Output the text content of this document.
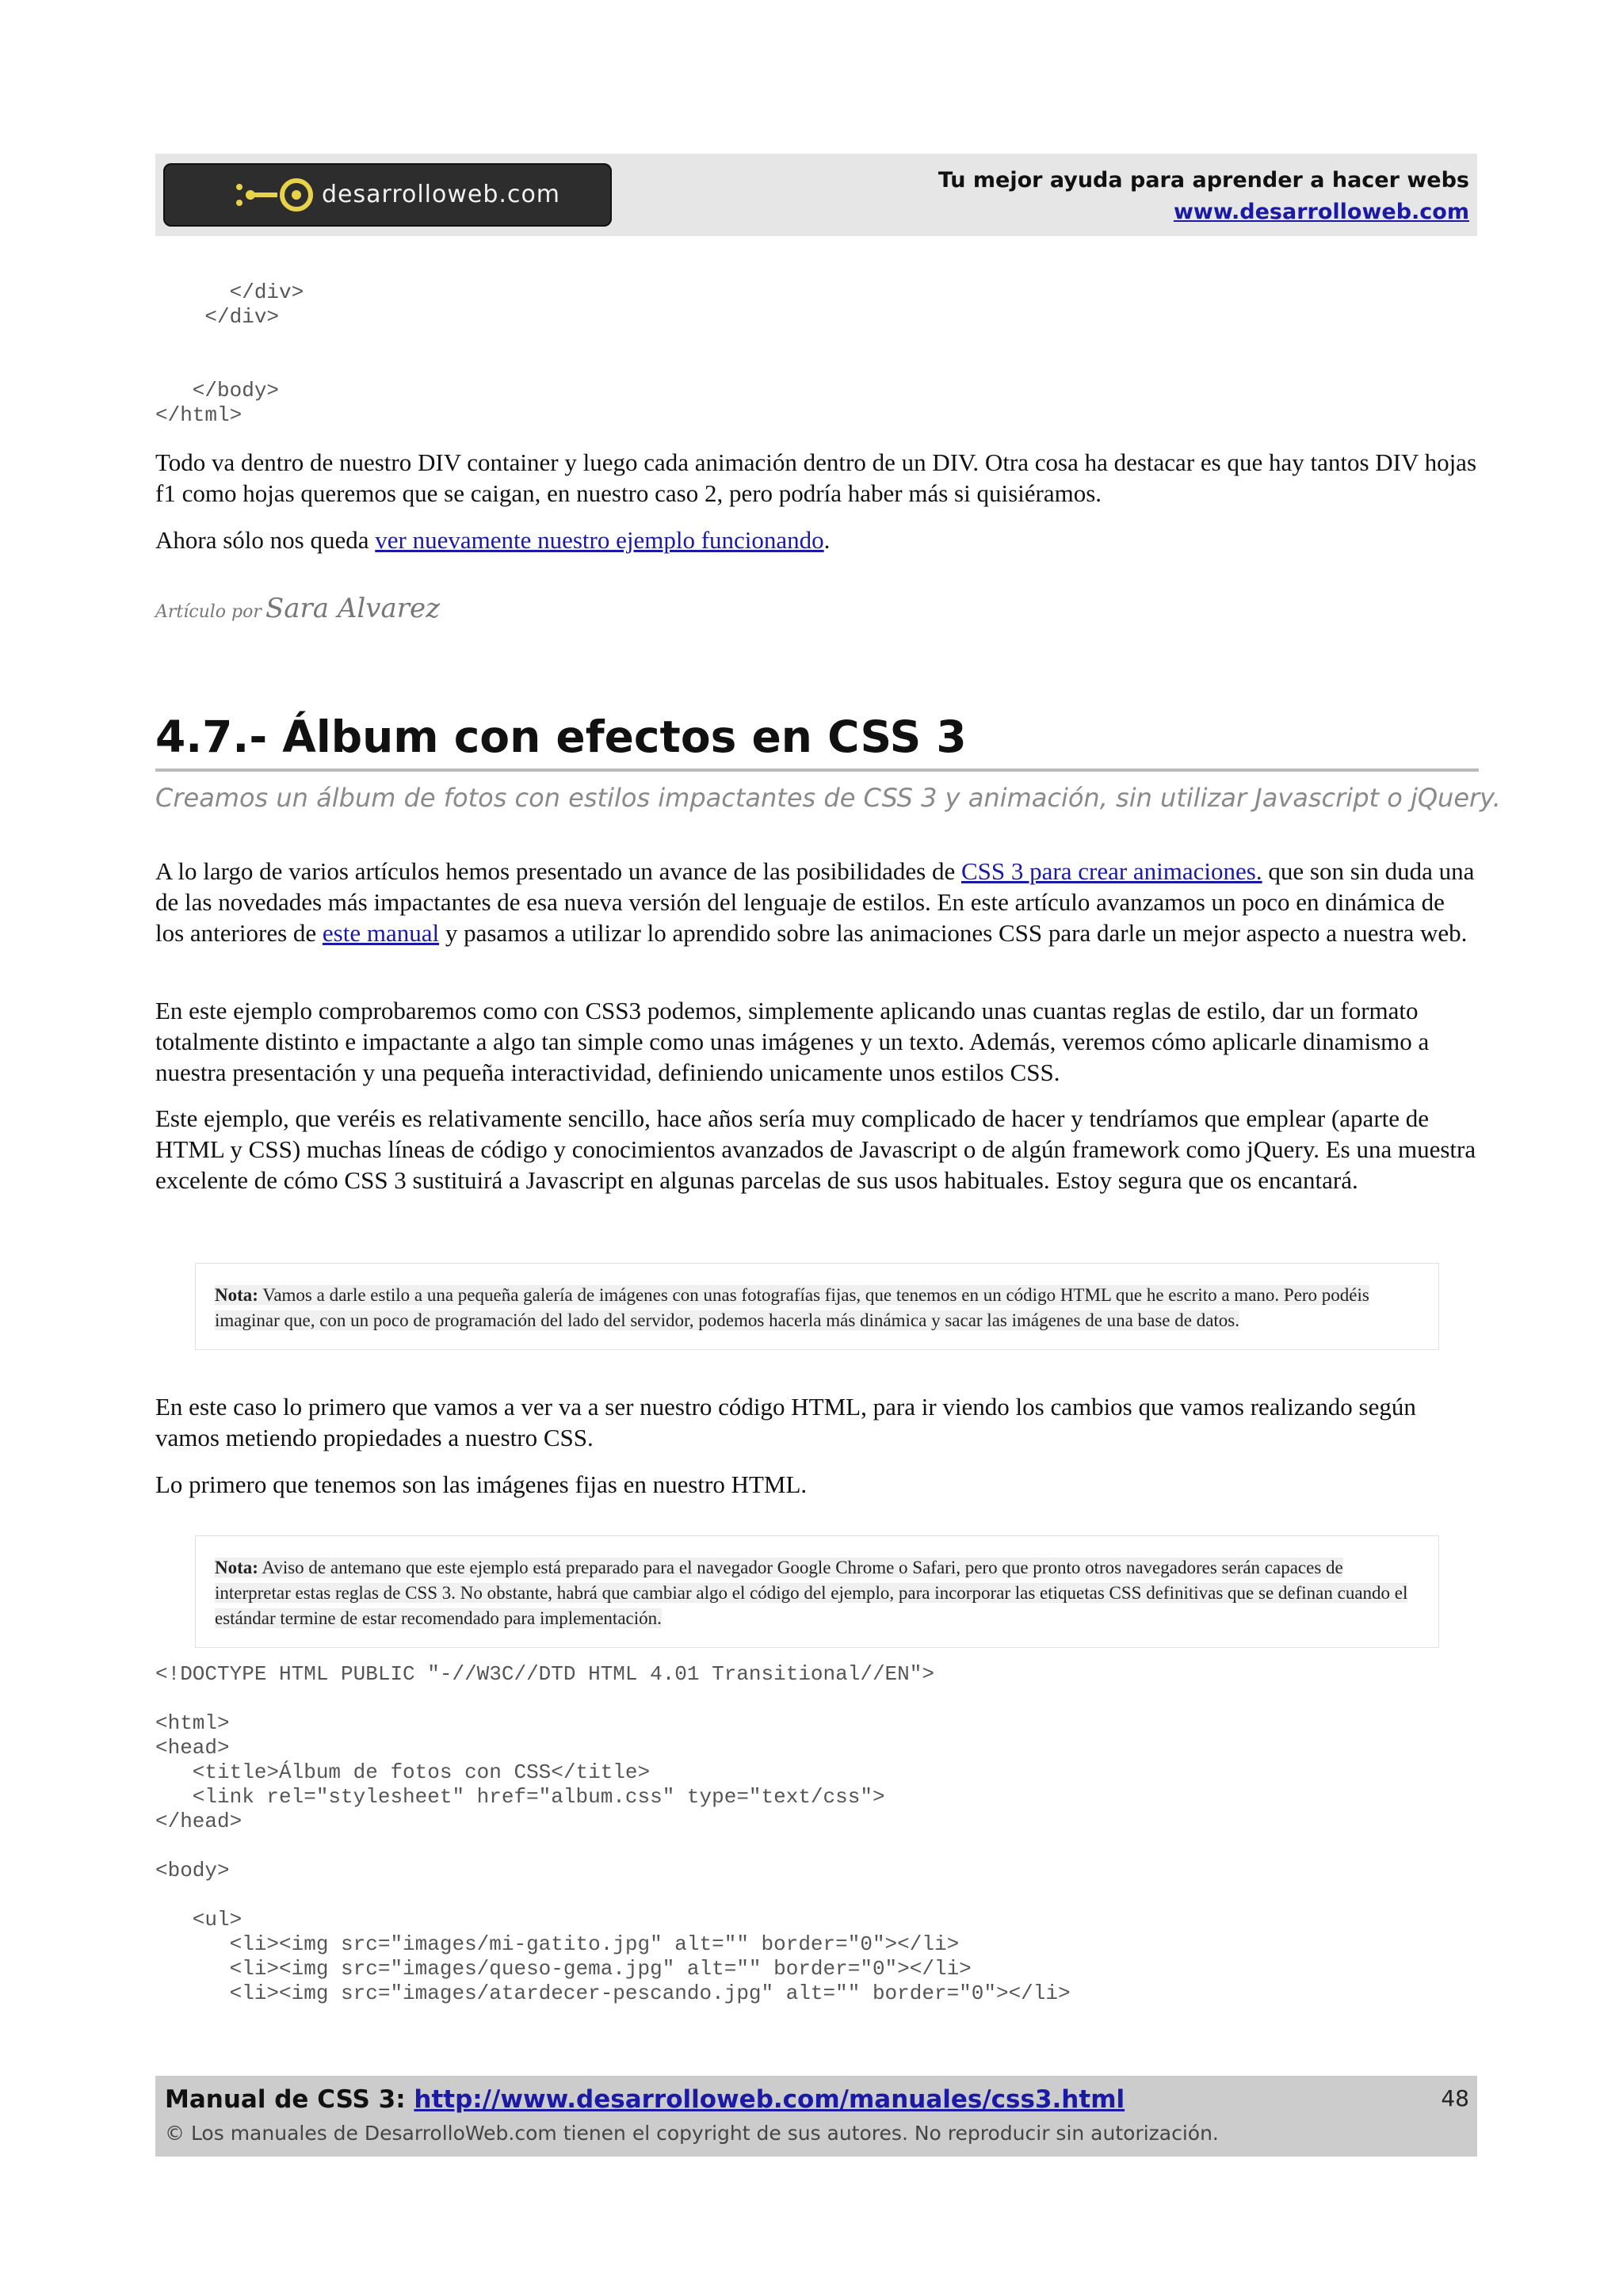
desarrolloweb.com
Tu mejor ayuda para aprender a hacer webs
www.desarrolloweb.com
</div>
</div>

</body>
</html>
Todo va dentro de nuestro DIV container y luego cada animación dentro de un DIV. Otra cosa ha destacar es que hay tantos DIV hojas f1 como hojas queremos que se caigan, en nuestro caso 2, pero podría haber más si quisiéramos.
Ahora sólo nos queda ver nuevamente nuestro ejemplo funcionando.
Artículo por Sara Alvarez
4.7.- Álbum con efectos en CSS 3
Creamos un álbum de fotos con estilos impactantes de CSS 3 y animación, sin utilizar Javascript o jQuery.
A lo largo de varios artículos hemos presentado un avance de las posibilidades de CSS 3 para crear animaciones. que son sin duda una de las novedades más impactantes de esa nueva versión del lenguaje de estilos. En este artículo avanzamos un poco en dinámica de los anteriores de este manual y pasamos a utilizar lo aprendido sobre las animaciones CSS para darle un mejor aspecto a nuestra web.
En este ejemplo comprobaremos como con CSS3 podemos, simplemente aplicando unas cuantas reglas de estilo, dar un formato totalmente distinto e impactante a algo tan simple como unas imágenes y un texto. Además, veremos cómo aplicarle dinamismo a nuestra presentación y una pequeña interactividad, definiendo unicamente unos estilos CSS.
Este ejemplo, que veréis es relativamente sencillo, hace años sería muy complicado de hacer y tendríamos que emplear (aparte de HTML y CSS) muchas líneas de código y conocimientos avanzados de Javascript o de algún framework como jQuery. Es una muestra excelente de cómo CSS 3 sustituirá a Javascript en algunas parcelas de sus usos habituales. Estoy segura que os encantará.
Nota: Vamos a darle estilo a una pequeña galería de imágenes con unas fotografías fijas, que tenemos en un código HTML que he escrito a mano. Pero podéis imaginar que, con un poco de programación del lado del servidor, podemos hacerla más dinámica y sacar las imágenes de una base de datos.
En este caso lo primero que vamos a ver va a ser nuestro código HTML, para ir viendo los cambios que vamos realizando según vamos metiendo propiedades a nuestro CSS.
Lo primero que tenemos son las imágenes fijas en nuestro HTML.
Nota: Aviso de antemano que este ejemplo está preparado para el navegador Google Chrome o Safari, pero que pronto otros navegadores serán capaces de interpretar estas reglas de CSS 3. No obstante, habrá que cambiar algo el código del ejemplo, para incorporar las etiquetas CSS definitivas que se definan cuando el estándar termine de estar recomendado para implementación.
<!DOCTYPE HTML PUBLIC "-//W3C//DTD HTML 4.01 Transitional//EN">

<html>
<head>
<title>Álbum de fotos con CSS</title>
<link rel="stylesheet" href="album.css" type="text/css">
</head>

<body>

<ul>
<li><img src="images/mi-gatito.jpg" alt="" border="0"></li>
<li><img src="images/queso-gema.jpg" alt="" border="0"></li>
<li><img src="images/atardecer-pescando.jpg" alt="" border="0"></li>
Manual de CSS 3: http://www.desarrolloweb.com/manuales/css3.html
© Los manuales de DesarrolloWeb.com tienen el copyright de sus autores. No reproducir sin autorización.
48
